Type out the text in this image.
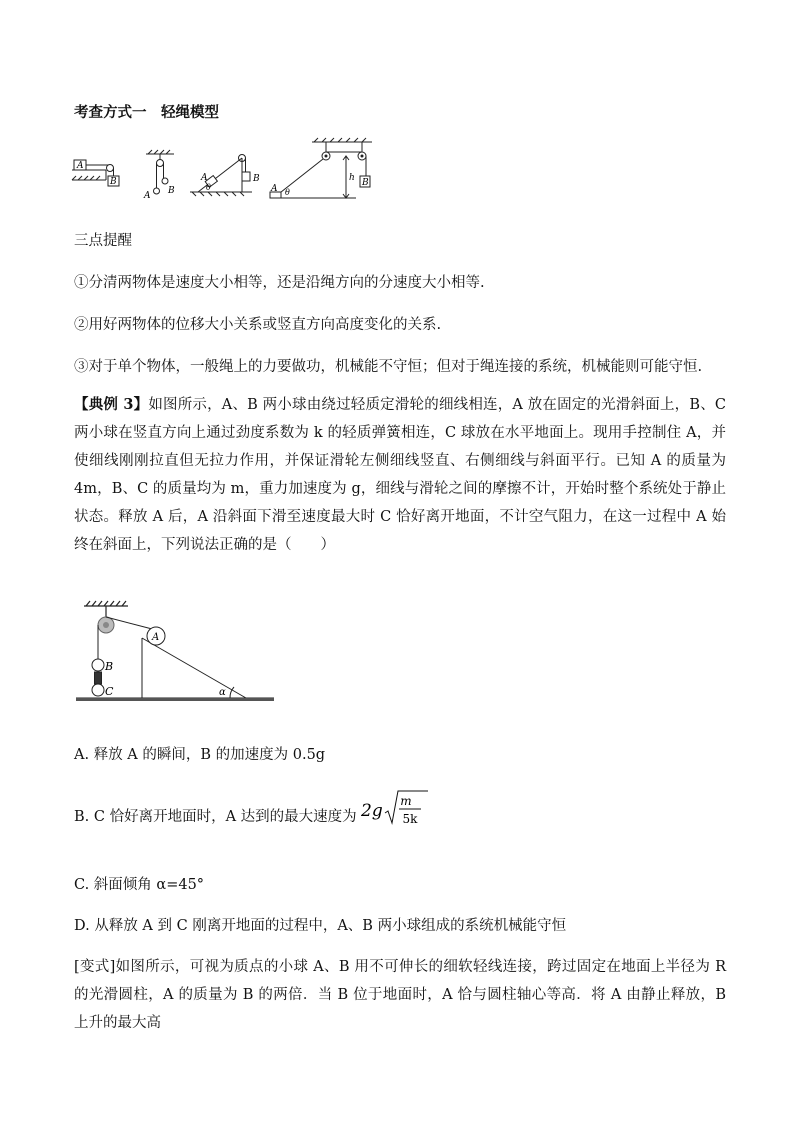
考查方式一　轻绳模型
A
B
A B
A	B
θ	A
B
θ
h
三点提醒
①分清两物体是速度大小相等，还是沿绳方向的分速度大小相等.
②用好两物体的位移大小关系或竖直方向高度变化的关系.
③对于单个物体，一般绳上的力要做功，机械能不守恒；但对于绳连接的系统，机械能则可能守恒.
【典例 3】如图所示，A、B 两小球由绕过轻质定滑轮的细线相连，A 放在固定的光滑斜面上，B、C 两小球在竖直方向上通过劲度系数为 k 的轻质弹簧相连，C 球放在水平地面上。现用手控制住 A，并使细线刚刚拉直但无拉力作用，并保证滑轮左侧细线竖直、右侧细线与斜面平行。已知 A 的质量为 4m，B、C 的质量均为 m，重力加速度为 g，细线与滑轮之间的摩擦不计，开始时整个系统处于静止状态。释放 A 后，A 沿斜面下滑至速度最大时 C 恰好离开地面，不计空气阻力，在这一过程中 A 始终在斜面上，下列说法正确的是（　　）
A
B
C	α
A. 释放 A 的瞬间，B 的加速度为 0.5g
B. C 恰好离开地面时，A 达到的最大速度为 2g m
5k
C. 斜面倾角 α=45°
D. 从释放 A 到 C 刚离开地面的过程中，A、B 两小球组成的系统机械能守恒
[变式]如图所示，可视为质点的小球 A、B 用不可伸长的细软轻线连接，跨过固定在地面上半径为 R 的光滑圆柱，A 的质量为 B 的两倍．当 B 位于地面时，A 恰与圆柱轴心等高．将 A 由静止释放，B 上升的最大高
